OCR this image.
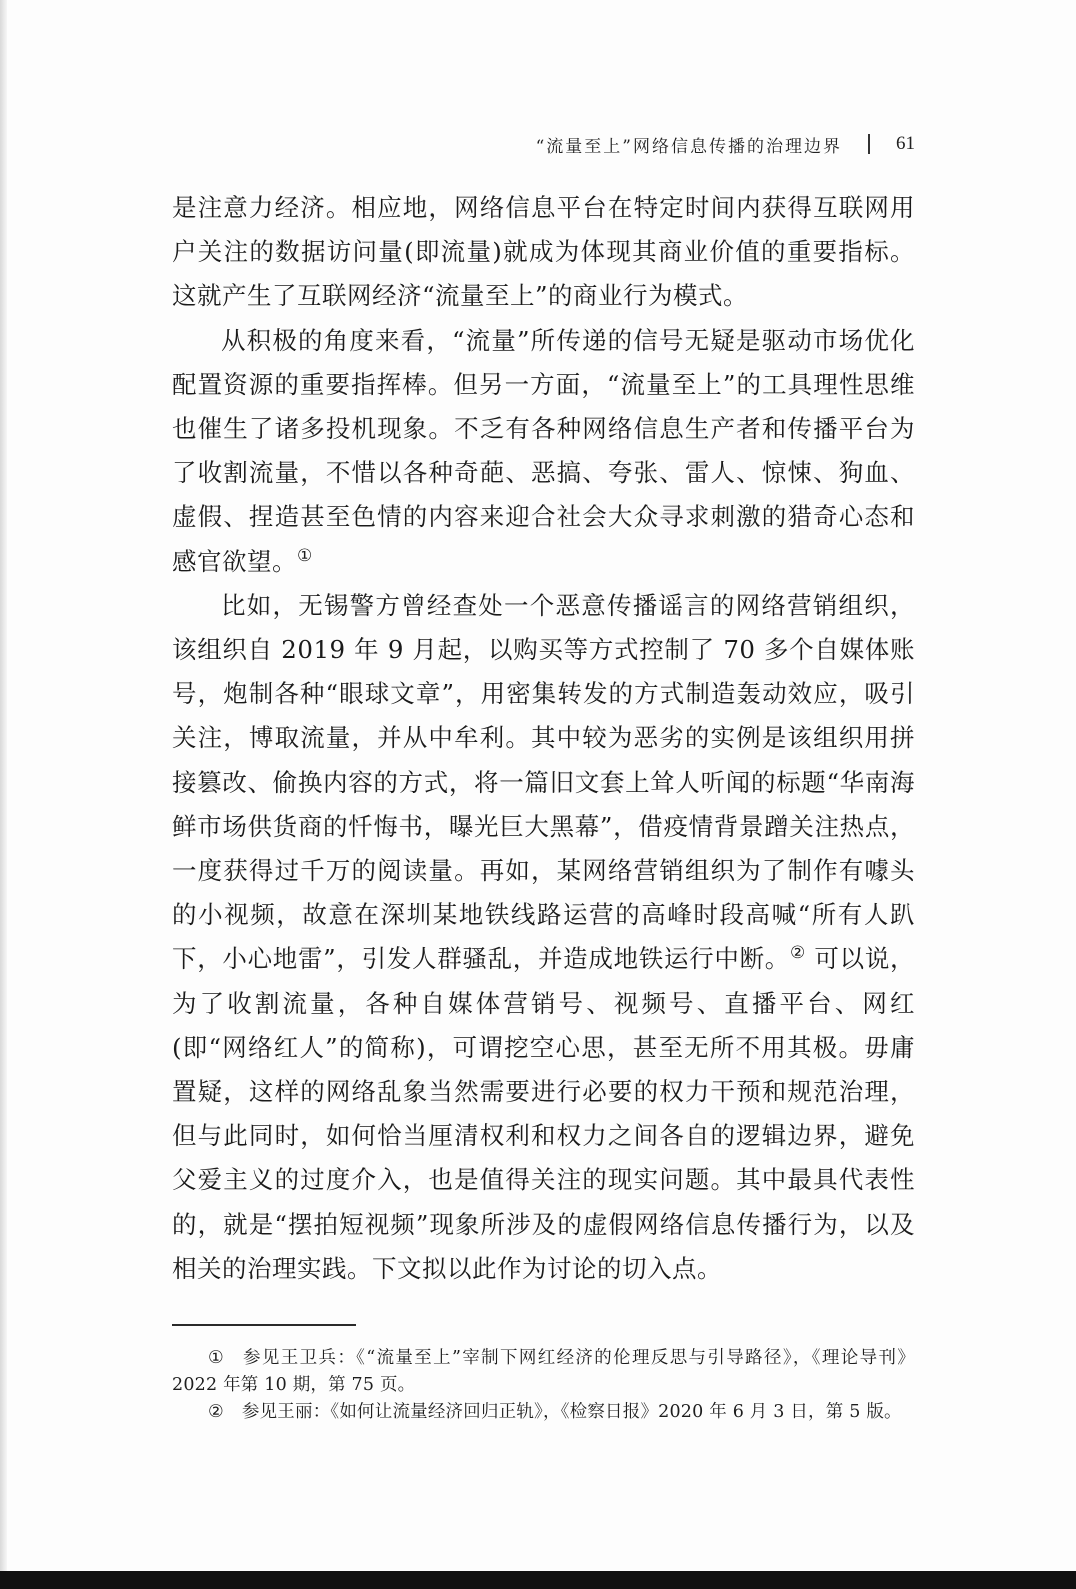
“流量至上”网络信息传播的治理边界	61

是注意力经济。相应地，网络信息平台在特定时间内获得互联网用户关注的数据访问量(即流量)就成为体现其商业价值的重要指标。这就产生了互联网经济“流量至上”的商业行为模式。

从积极的角度来看，“流量”所传递的信号无疑是驱动市场优化配置资源的重要指挥棒。但另一方面，“流量至上”的工具理性思维也催生了诸多投机现象。不乏有各种网络信息生产者和传播平台为了收割流量，不惜以各种奇葩、恶搞、夸张、雷人、惊悚、狗血、虚假、捏造甚至色情的内容来迎合社会大众寻求刺激的猎奇心态和感官欲望。①

比如，无锡警方曾经查处一个恶意传播谣言的网络营销组织，该组织自 2019 年 9 月起，以购买等方式控制了 70 多个自媒体账号，炮制各种“眼球文章”，用密集转发的方式制造轰动效应，吸引关注，博取流量，并从中牟利。其中较为恶劣的实例是该组织用拼接篡改、偷换内容的方式，将一篇旧文套上耸人听闻的标题“华南海鲜市场供货商的忏悔书，曝光巨大黑幕”，借疫情背景蹭关注热点，一度获得过千万的阅读量。再如，某网络营销组织为了制作有噱头的小视频，故意在深圳某地铁线路运营的高峰时段高喊“所有人趴下，小心地雷”，引发人群骚乱，并造成地铁运行中断。② 可以说，为了收割流量，各种自媒体营销号、视频号、直播平台、网红(即“网络红人”的简称)，可谓挖空心思，甚至无所不用其极。毋庸置疑，这样的网络乱象当然需要进行必要的权力干预和规范治理，但与此同时，如何恰当厘清权利和权力之间各自的逻辑边界，避免父爱主义的过度介入，也是值得关注的现实问题。其中最具代表性的，就是“摆拍短视频”现象所涉及的虚假网络信息传播行为，以及相关的治理实践。下文拟以此作为讨论的切入点。

① 参见王卫兵：《“流量至上”宰制下网红经济的伦理反思与引导路径》，《理论导刊》2022 年第 10 期，第 75 页。

② 参见王丽：《如何让流量经济回归正轨》，《检察日报》2020 年 6 月 3 日，第 5 版。
